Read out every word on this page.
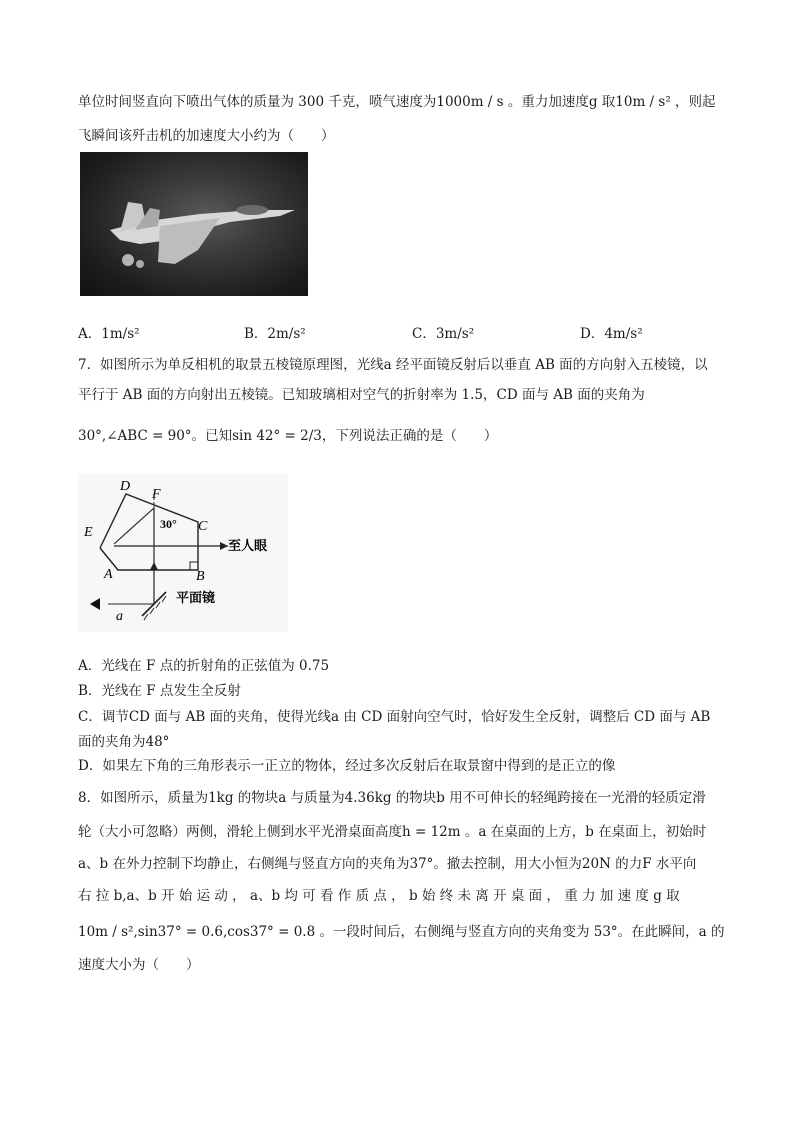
单位时间竖直向下喷出气体的质量为 300 千克，喷气速度为1000m / s 。重力加速度g 取10m / s² ，则起
飞瞬间该歼击机的加速度大小约为（　　）
A．1m/s²	B．2m/s²	C．3m/s²	D．4m/s²
7．如图所示为单反相机的取景五棱镜原理图，光线a 经平面镜反射后以垂直 AB 面的方向射入五棱镜，以
平行于 AB 面的方向射出五棱镜。已知玻璃相对空气的折射率为 1.5，CD 面与 AB 面的夹角为
30°,∠ABC = 90°。已知sin 42° = 2/3，下列说法正确的是（　　）
D
F
E	C
A	B
30°
至人眼
平面镜
a
A．光线在 F 点的折射角的正弦值为 0.75
B．光线在 F 点发生全反射
C．调节CD 面与 AB 面的夹角，使得光线a 由 CD 面射向空气时，恰好发生全反射，调整后 CD 面与 AB
面的夹角为48°
D．如果左下角的三角形表示一正立的物体，经过多次反射后在取景窗中得到的是正立的像
8．如图所示，质量为1kg 的物块a 与质量为4.36kg 的物块b 用不可伸长的轻绳跨接在一光滑的轻质定滑
轮（大小可忽略）两侧，滑轮上侧到水平光滑桌面高度h = 12m 。a 在桌面的上方，b 在桌面上，初始时
a、b 在外力控制下均静止，右侧绳与竖直方向的夹角为37°。撤去控制，用大小恒为20N 的力F 水平向
右 拉 b,a、b 开 始 运 动 ， a、b 均 可 看 作 质 点 ， b 始 终 未 离 开 桌 面 ， 重 力 加 速 度 g 取
10m / s²,sin37° = 0.6,cos37° = 0.8 。一段时间后，右侧绳与竖直方向的夹角变为 53°。在此瞬间，a 的
速度大小为（　　）
